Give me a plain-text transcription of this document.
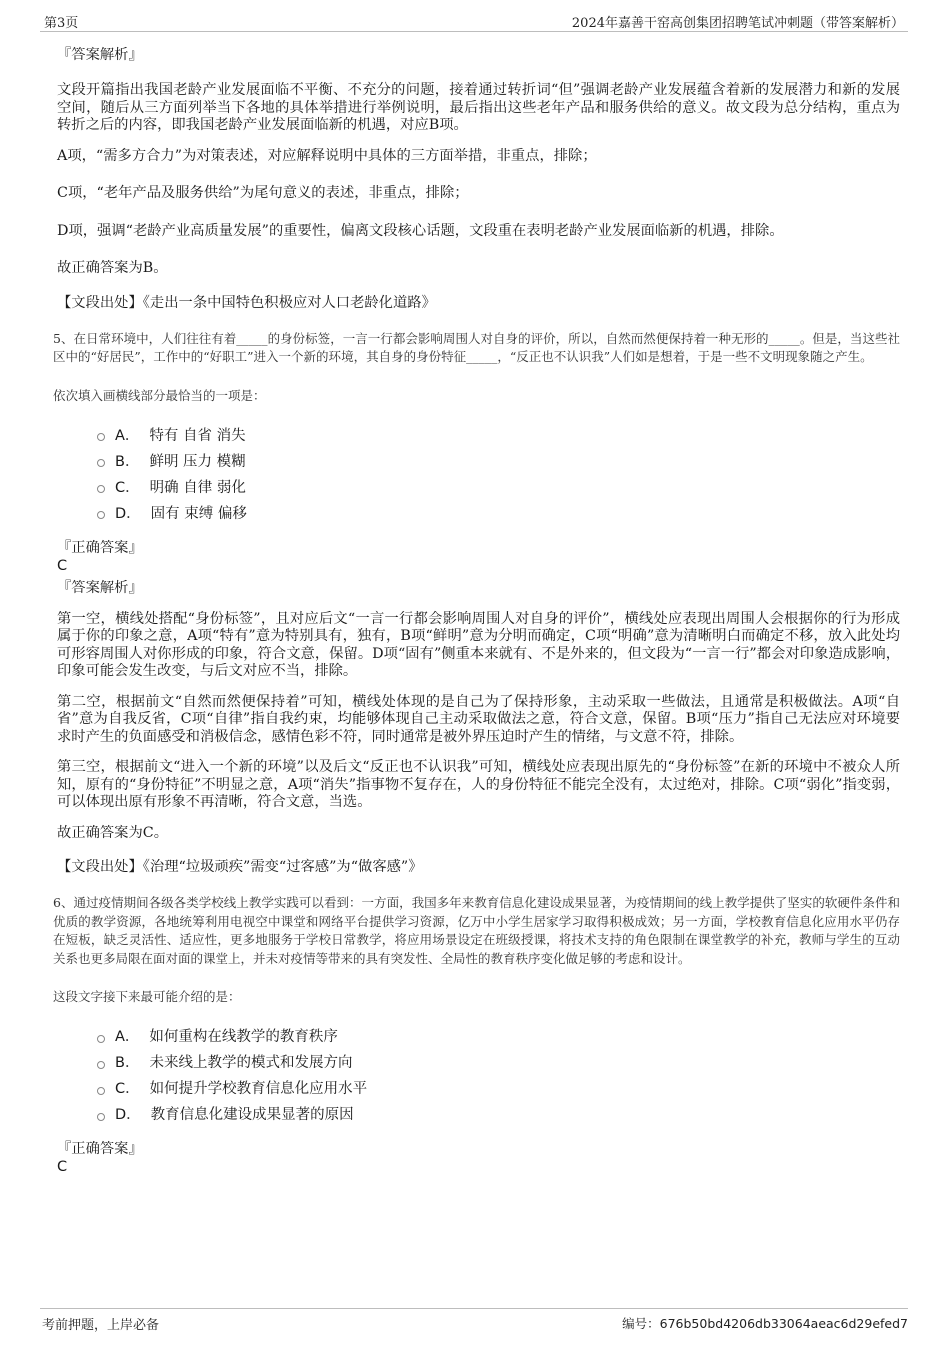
第3页	2024年嘉善干窑高创集团招聘笔试冲刺题（带答案解析）

『答案解析』

文段开篇指出我国老龄产业发展面临不平衡、不充分的问题，接着通过转折词“但”强调老龄产业发展蕴含着新的发展潜力和新的发展空间，随后从三方面列举当下各地的具体举措进行举例说明，最后指出这些老年产品和服务供给的意义。故文段为总分结构，重点为转折之后的内容，即我国老龄产业发展面临新的机遇，对应B项。

A项，“需多方合力”为对策表述，对应解释说明中具体的三方面举措，非重点，排除；

C项，“老年产品及服务供给”为尾句意义的表述，非重点，排除；

D项，强调“老龄产业高质量发展”的重要性，偏离文段核心话题，文段重在表明老龄产业发展面临新的机遇，排除。

故正确答案为B。

【文段出处】《走出一条中国特色积极应对人口老龄化道路》

5、在日常环境中，人们往往有着_____的身份标签，一言一行都会影响周围人对自身的评价，所以，自然而然便保持着一种无形的_____。但是，当这些社区中的“好居民”，工作中的“好职工”进入一个新的环境，其自身的身份特征_____，“反正也不认识我”人们如是想着，于是一些不文明现象随之产生。

依次填入画横线部分最恰当的一项是：

A． 特有 自省 消失
B． 鲜明 压力 模糊
C． 明确 自律 弱化
D． 固有 束缚 偏移

『正确答案』

C

『答案解析』

第一空，横线处搭配“身份标签”，且对应后文“一言一行都会影响周围人对自身的评价”，横线处应表现出周围人会根据你的行为形成属于你的印象之意，A项“特有”意为特别具有，独有，B项“鲜明”意为分明而确定，C项“明确”意为清晰明白而确定不移，放入此处均可形容周围人对你形成的印象，符合文意，保留。D项“固有”侧重本来就有、不是外来的，但文段为“一言一行”都会对印象造成影响，印象可能会发生改变，与后文对应不当，排除。

第二空，根据前文“自然而然便保持着”可知，横线处体现的是自己为了保持形象，主动采取一些做法，且通常是积极做法。A项“自省”意为自我反省，C项“自律”指自我约束，均能够体现自己主动采取做法之意，符合文意，保留。B项“压力”指自己无法应对环境要求时产生的负面感受和消极信念，感情色彩不符，同时通常是被外界压迫时产生的情绪，与文意不符，排除。

第三空，根据前文“进入一个新的环境”以及后文“反正也不认识我”可知，横线处应表现出原先的“身份标签”在新的环境中不被众人所知，原有的“身份特征”不明显之意，A项“消失”指事物不复存在，人的身份特征不能完全没有，太过绝对，排除。C项“弱化”指变弱，可以体现出原有形象不再清晰，符合文意，当选。

故正确答案为C。

【文段出处】《治理“垃圾顽疾”需变“过客感”为“做客感”》

6、通过疫情期间各级各类学校线上教学实践可以看到：一方面，我国多年来教育信息化建设成果显著，为疫情期间的线上教学提供了坚实的软硬件条件和优质的教学资源，各地统筹利用电视空中课堂和网络平台提供学习资源，亿万中小学生居家学习取得积极成效；另一方面，学校教育信息化应用水平仍存在短板，缺乏灵活性、适应性，更多地服务于学校日常教学，将应用场景设定在班级授课，将技术支持的角色限制在课堂教学的补充，教师与学生的互动关系也更多局限在面对面的课堂上，并未对疫情等带来的具有突发性、全局性的教育秩序变化做足够的考虑和设计。

这段文字接下来最可能介绍的是：

A． 如何重构在线教学的教育秩序
B． 未来线上教学的模式和发展方向
C． 如何提升学校教育信息化应用水平
D． 教育信息化建设成果显著的原因

『正确答案』

C

考前押题，上岸必备	编号：676b50bd4206db33064aeac6d29efed7
